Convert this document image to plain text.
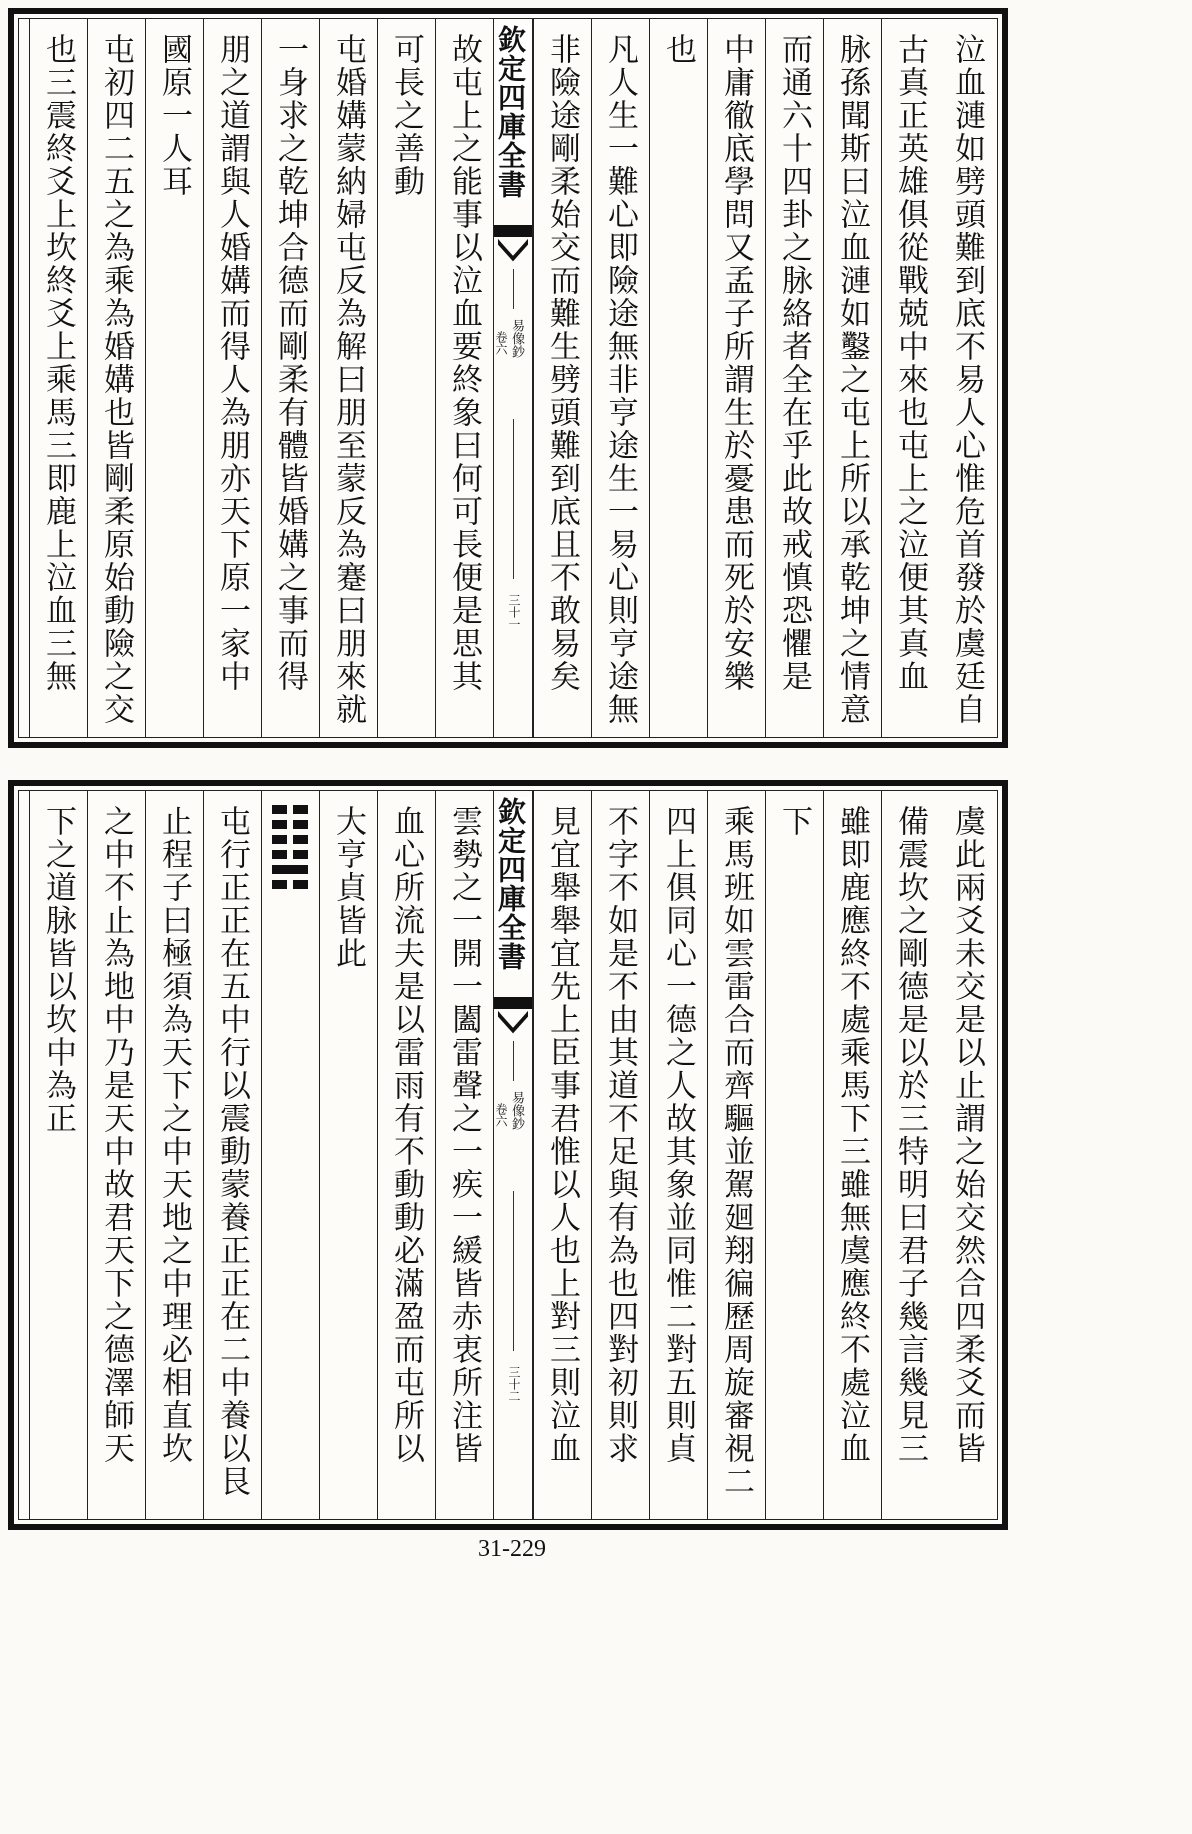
泣血漣如劈頭難到底不易人心惟危首發於虞廷自
古真正英雄俱從戰兢中來也屯上之泣便其真血
脉孫聞斯曰泣血漣如鑿之屯上所以承乾坤之情意
而通六十四卦之脉絡者全在乎此故戒慎恐懼是
中庸徹底學問又孟子所謂生於憂患而死於安樂
也
凡人生一難心即險途無非亨途生一易心則亨途無
非險途剛柔始交而難生劈頭難到底且不敢易矣
欽定四庫全書
易像鈔
卷六
三十一
故屯上之能事以泣血要終象曰何可長便是思其
可長之善動
屯婚媾蒙納婦屯反為解曰朋至蒙反為蹇曰朋來就
一身求之乾坤合德而剛柔有體皆婚媾之事而得
朋之道謂與人婚媾而得人為朋亦天下原一家中
國原一人耳
屯初四二五之為乘為婚媾也皆剛柔原始動險之交
也三震終爻上坎終爻上乘馬三即鹿上泣血三無
虞此兩爻未交是以止謂之始交然合四柔爻而皆
備震坎之剛德是以於三特明曰君子幾言幾見三
雖即鹿應終不處乘馬下三雖無虞應終不處泣血
下
乘馬班如雲雷合而齊驅並駕廻翔徧歷周旋審視二
四上俱同心一德之人故其象並同惟二對五則貞
不字不如是不由其道不足與有為也四對初則求
見宜舉舉宜先上臣事君惟以人也上對三則泣血
欽定四庫全書
易像鈔
卷六
三十二
雲勢之一開一闔雷聲之一疾一緩皆赤衷所注皆
血心所流夫是以雷雨有不動動必滿盈而屯所以
大亨貞皆此
屯行正正在五中行以震動蒙養正正在二中養以艮
止程子曰極須為天下之中天地之中理必相直坎
之中不止為地中乃是天中故君天下之德澤師天
下之道脉皆以坎中為正
31-229
